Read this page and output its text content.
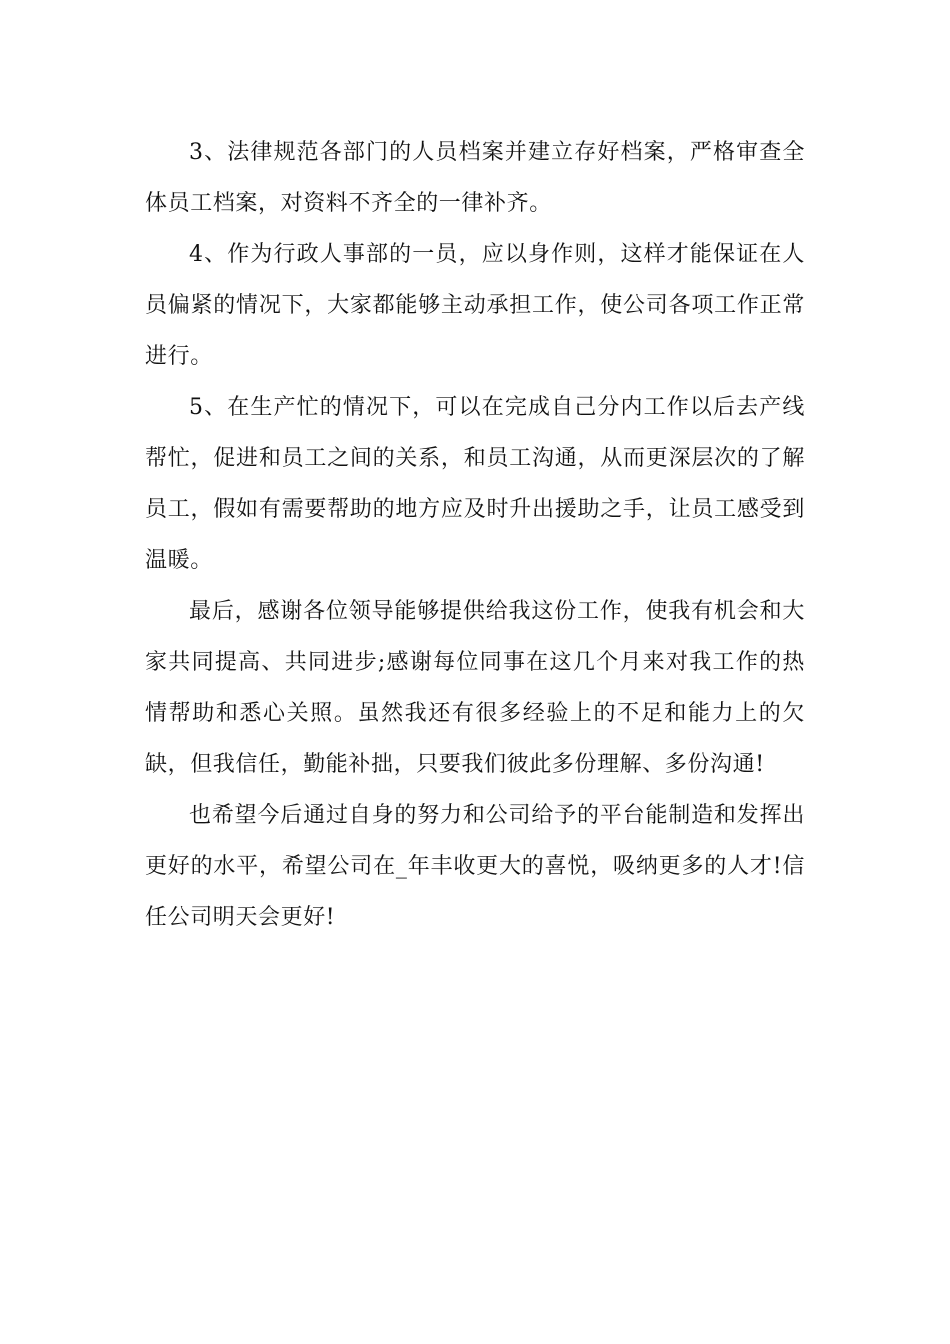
3、法律规范各部门的人员档案并建立存好档案，严格审查全体员工档案，对资料不齐全的一律补齐。

4、作为行政人事部的一员，应以身作则，这样才能保证在人员偏紧的情况下，大家都能够主动承担工作，使公司各项工作正常进行。

5、在生产忙的情况下，可以在完成自己分内工作以后去产线帮忙，促进和员工之间的关系，和员工沟通，从而更深层次的了解员工，假如有需要帮助的地方应及时升出援助之手，让员工感受到温暖。

最后，感谢各位领导能够提供给我这份工作，使我有机会和大家共同提高、共同进步;感谢每位同事在这几个月来对我工作的热情帮助和悉心关照。虽然我还有很多经验上的不足和能力上的欠缺，但我信任，勤能补拙，只要我们彼此多份理解、多份沟通!

也希望今后通过自身的努力和公司给予的平台能制造和发挥出更好的水平，希望公司在_年丰收更大的喜悦，吸纳更多的人才!信任公司明天会更好!
